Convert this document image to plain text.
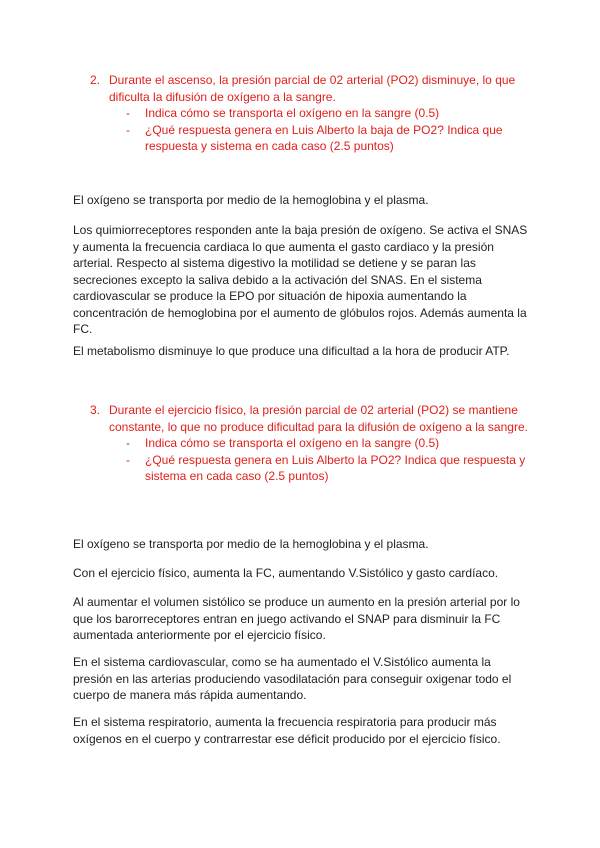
2. Durante el ascenso, la presión parcial de 02 arterial (PO2) disminuye, lo que dificulta la difusión de oxígeno a la sangre.
- Indica cómo se transporta el oxígeno en la sangre (0.5)
- ¿Qué respuesta genera en Luis Alberto la baja de PO2? Indica que respuesta y sistema en cada caso (2.5 puntos)
El oxígeno se transporta por medio de la hemoglobina y el plasma.
Los quimiorreceptores responden ante la baja presión de oxígeno. Se activa el SNAS y aumenta la frecuencia cardiaca lo que aumenta el gasto cardiaco y la presión arterial. Respecto al sistema digestivo la motilidad se detiene y se paran las secreciones excepto la saliva debido a la activación del SNAS. En el sistema cardiovascular se produce la EPO por situación de hipoxia aumentando la concentración de hemoglobina por el aumento de glóbulos rojos. Además aumenta la FC.
El metabolismo disminuye lo que produce una dificultad a la hora de producir ATP.
3. Durante el ejercicio físico, la presión parcial de 02 arterial (PO2) se mantiene constante, lo que no produce dificultad para la difusión de oxígeno a la sangre.
- Indica cómo se transporta el oxígeno en la sangre (0.5)
- ¿Qué respuesta genera en Luis Alberto la PO2? Indica que respuesta y sistema en cada caso (2.5 puntos)
El oxígeno se transporta por medio de la hemoglobina y el plasma.
Con el ejercicio físico, aumenta la FC, aumentando V.Sistólico y gasto cardíaco.
Al aumentar el volumen sistólico se produce un aumento en la presión arterial por lo que los barorreceptores entran en juego activando el SNAP para disminuir la FC aumentada anteriormente por el ejercicio físico.
En el sistema cardiovascular, como se ha aumentado el V.Sistólico aumenta la presión en las arterias produciendo vasodilatación para conseguir oxigenar todo el cuerpo de manera más rápida aumentando.
En el sistema respiratorio, aumenta la frecuencia respiratoria para producir más oxígenos en el cuerpo y contrarrestar ese déficit producido por el ejercicio físico.
